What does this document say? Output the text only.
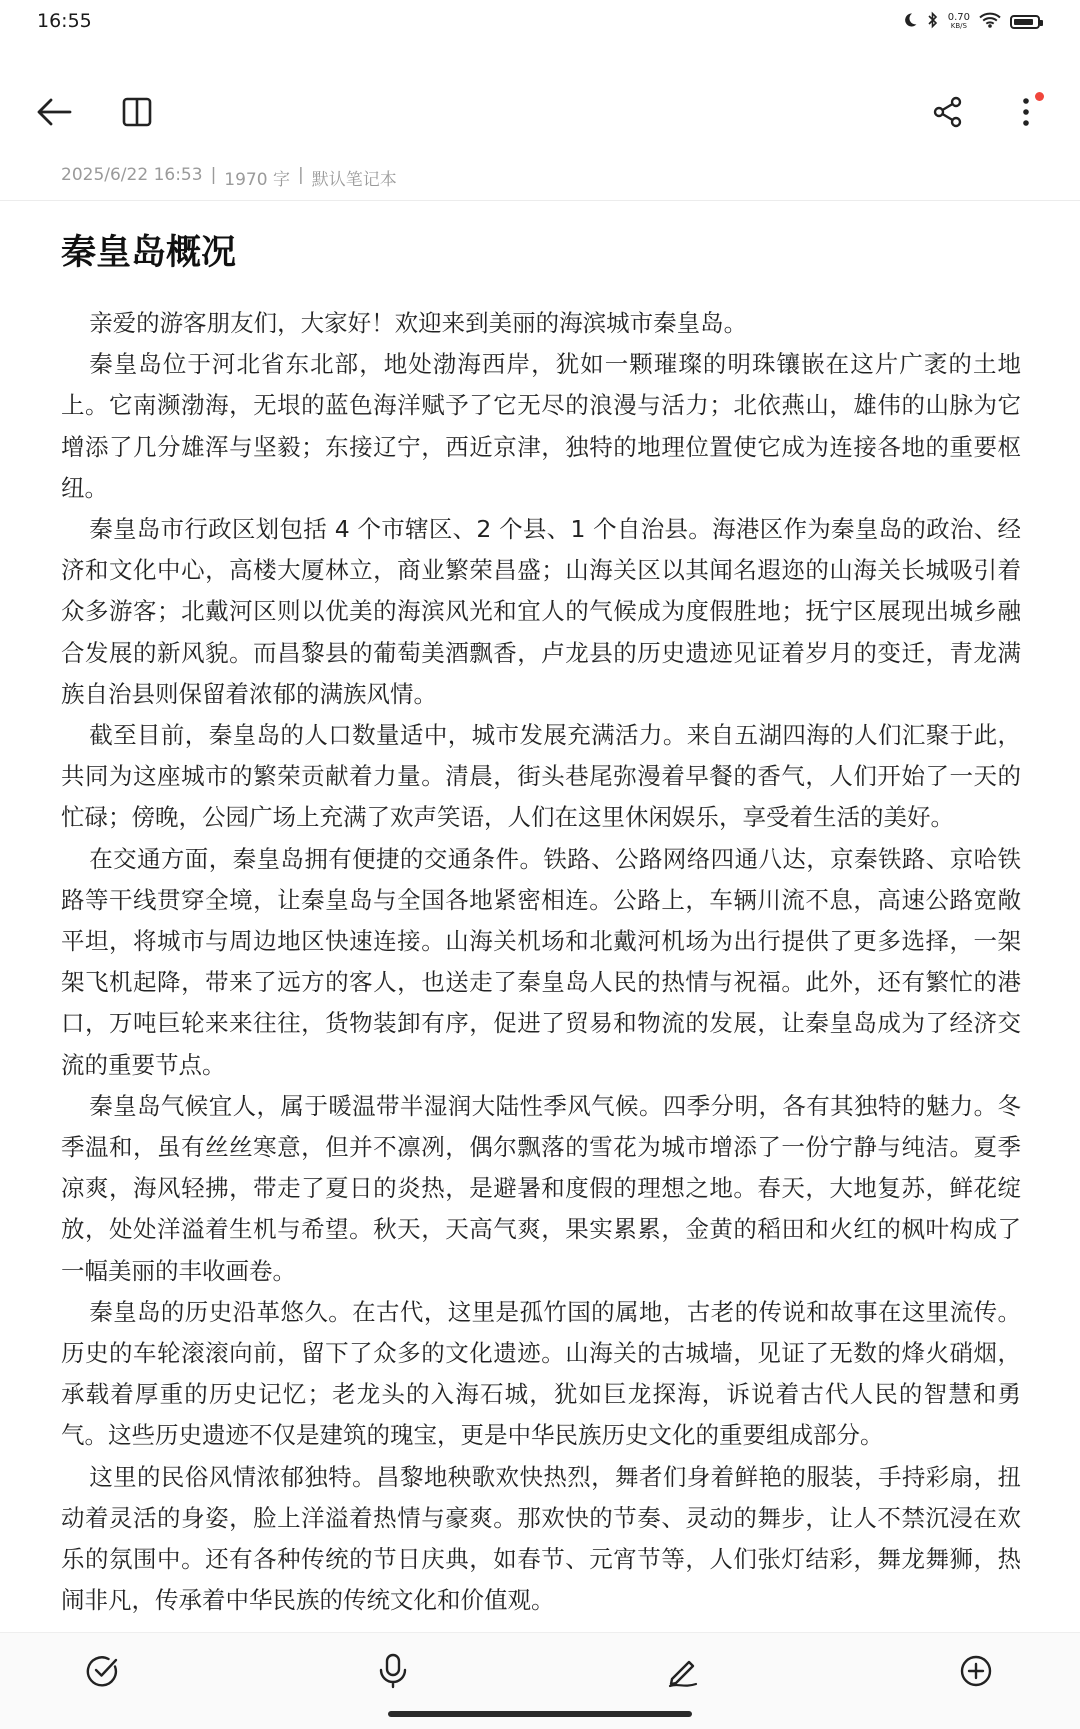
16:55	0.70
KB/S
2025/6/22 16:53 | 1970 字 | 默认笔记本
秦皇岛概况

亲爱的游客朋友们，大家好！欢迎来到美丽的海滨城市秦皇岛。

秦皇岛位于河北省东北部，地处渤海西岸，犹如一颗璀璨的明珠镶嵌在这片广袤的土地上。它南濒渤海，无垠的蓝色海洋赋予了它无尽的浪漫与活力；北依燕山，雄伟的山脉为它增添了几分雄浑与坚毅；东接辽宁，西近京津，独特的地理位置使它成为连接各地的重要枢纽。

秦皇岛市行政区划包括 4 个市辖区、2 个县、1 个自治县。海港区作为秦皇岛的政治、经济和文化中心，高楼大厦林立，商业繁荣昌盛；山海关区以其闻名遐迩的山海关长城吸引着众多游客；北戴河区则以优美的海滨风光和宜人的气候成为度假胜地；抚宁区展现出城乡融合发展的新风貌。而昌黎县的葡萄美酒飘香，卢龙县的历史遗迹见证着岁月的变迁，青龙满族自治县则保留着浓郁的满族风情。

截至目前，秦皇岛的人口数量适中，城市发展充满活力。来自五湖四海的人们汇聚于此，共同为这座城市的繁荣贡献着力量。清晨，街头巷尾弥漫着早餐的香气，人们开始了一天的忙碌；傍晚，公园广场上充满了欢声笑语，人们在这里休闲娱乐，享受着生活的美好。

在交通方面，秦皇岛拥有便捷的交通条件。铁路、公路网络四通八达，京秦铁路、京哈铁路等干线贯穿全境，让秦皇岛与全国各地紧密相连。公路上，车辆川流不息，高速公路宽敞平坦，将城市与周边地区快速连接。山海关机场和北戴河机场为出行提供了更多选择，一架架飞机起降，带来了远方的客人，也送走了秦皇岛人民的热情与祝福。此外，还有繁忙的港口，万吨巨轮来来往往，货物装卸有序，促进了贸易和物流的发展，让秦皇岛成为了经济交流的重要节点。

秦皇岛气候宜人，属于暖温带半湿润大陆性季风气候。四季分明，各有其独特的魅力。冬季温和，虽有丝丝寒意，但并不凛冽，偶尔飘落的雪花为城市增添了一份宁静与纯洁。夏季凉爽，海风轻拂，带走了夏日的炎热，是避暑和度假的理想之地。春天，大地复苏，鲜花绽放，处处洋溢着生机与希望。秋天，天高气爽，果实累累，金黄的稻田和火红的枫叶构成了一幅美丽的丰收画卷。

秦皇岛的历史沿革悠久。在古代，这里是孤竹国的属地，古老的传说和故事在这里流传。历史的车轮滚滚向前，留下了众多的文化遗迹。山海关的古城墙，见证了无数的烽火硝烟，承载着厚重的历史记忆；老龙头的入海石城，犹如巨龙探海，诉说着古代人民的智慧和勇气。这些历史遗迹不仅是建筑的瑰宝，更是中华民族历史文化的重要组成部分。

这里的民俗风情浓郁独特。昌黎地秧歌欢快热烈，舞者们身着鲜艳的服装，手持彩扇，扭动着灵活的身姿，脸上洋溢着热情与豪爽。那欢快的节奏、灵动的舞步，让人不禁沉浸在欢乐的氛围中。还有各种传统的节日庆典，如春节、元宵节等，人们张灯结彩，舞龙舞狮，热闹非凡，传承着中华民族的传统文化和价值观。
